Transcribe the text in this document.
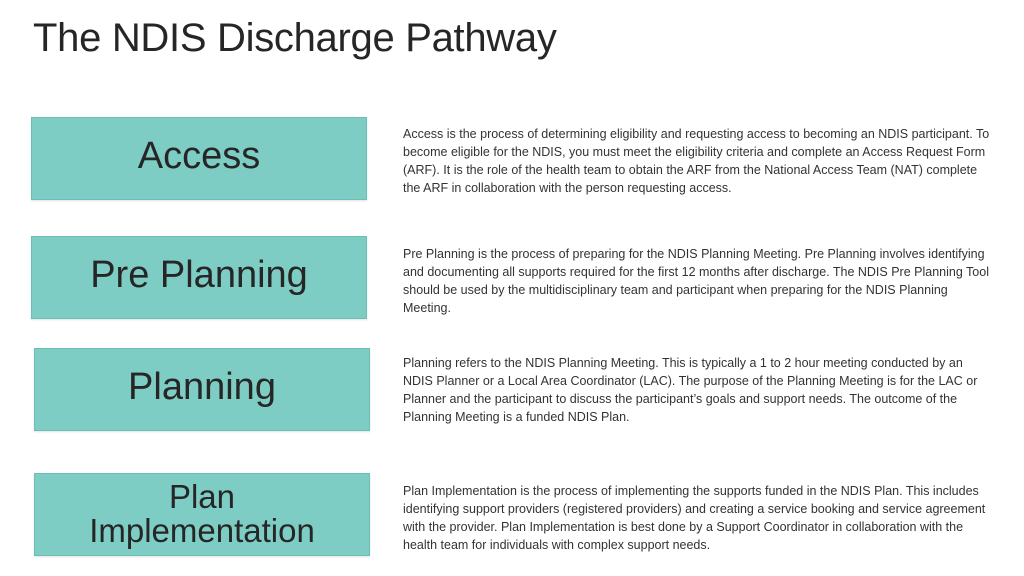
The NDIS Discharge Pathway
Access

Access is the process of determining eligibility and requesting access to becoming an NDIS participant. To become eligible for the NDIS, you must meet the eligibility criteria and complete an Access Request Form (ARF). It is the role of the health team to obtain the ARF from the National Access Team (NAT) complete the ARF in collaboration with the person requesting access.

Pre Planning	Pre Planning is the process of preparing for the NDIS Planning Meeting. Pre Planning involves identifying and documenting all supports required for the first 12 months after discharge. The NDIS Pre Planning Tool should be used by the multidisciplinary team and participant when preparing for the NDIS Planning Meeting.

Planning

Planning refers to the NDIS Planning Meeting. This is typically a 1 to 2 hour meeting conducted by an NDIS Planner or a Local Area Coordinator (LAC). The purpose of the Planning Meeting is for the LAC or Planner and the participant to discuss the participant’s goals and support needs. The outcome of the Planning Meeting is a funded NDIS Plan.

Plan
Implementation

Plan Implementation is the process of implementing the supports funded in the NDIS Plan. This includes identifying support providers (registered providers) and creating a service booking and service agreement with the provider. Plan Implementation is best done by a Support Coordinator in collaboration with the health team for individuals with complex support needs.
